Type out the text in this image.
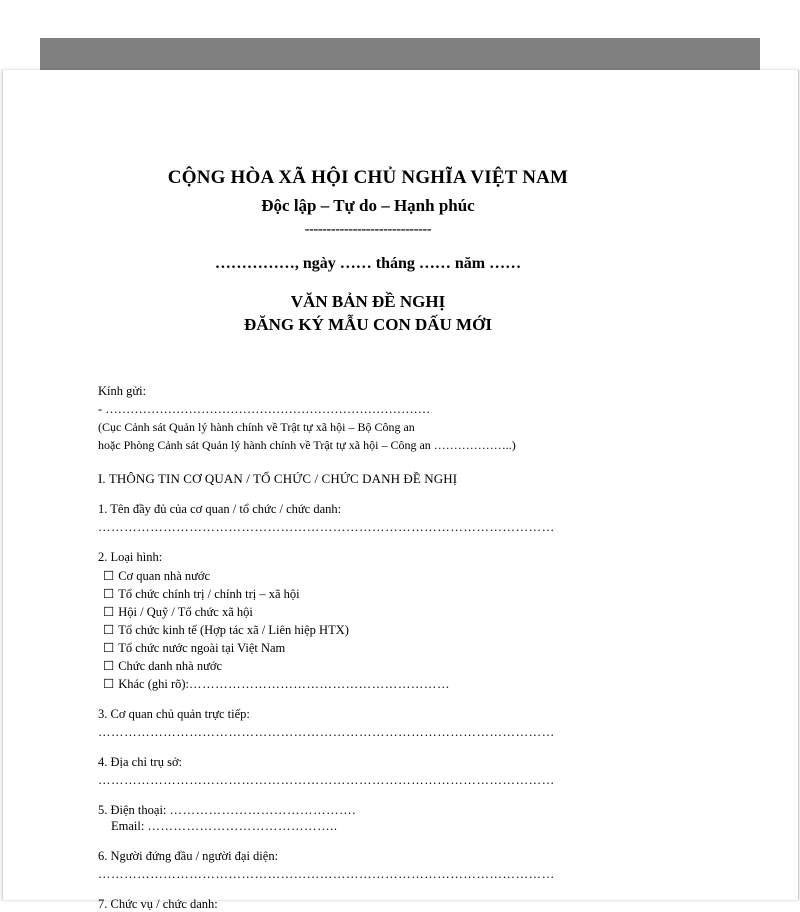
CỘNG HÒA XÃ HỘI CHỦ NGHĨA VIỆT NAM
Độc lập – Tự do – Hạnh phúc
-----------------------------
……………, ngày …… tháng …… năm ……
VĂN BẢN ĐỀ NGHỊ
ĐĂNG KÝ MẪU CON DẤU MỚI
Kính gửi:
- ……………………………………………………………………
(Cục Cảnh sát Quản lý hành chính về Trật tự xã hội – Bộ Công an
hoặc Phòng Cảnh sát Quản lý hành chính về Trật tự xã hội – Công an ………………..)
I. THÔNG TIN CƠ QUAN / TỔ CHỨC / CHỨC DANH ĐỀ NGHỊ
1. Tên đầy đủ của cơ quan / tổ chức / chức danh:
……………………………………………………………………………………………
2. Loại hình:
☐ Cơ quan nhà nước
☐ Tổ chức chính trị / chính trị – xã hội
☐ Hội / Quỹ / Tổ chức xã hội
☐ Tổ chức kinh tế (Hợp tác xã / Liên hiệp HTX)
☐ Tổ chức nước ngoài tại Việt Nam
☐ Chức danh nhà nước
☐ Khác (ghi rõ):……………………………………………………
3. Cơ quan chủ quản trực tiếp:
……………………………………………………………………………………………
4. Địa chỉ trụ sở:
……………………………………………………………………………………………
5. Điện thoại: …………………………………….
Email: ……………………………………..
6. Người đứng đầu / người đại diện:
……………………………………………………………………………………………
7. Chức vụ / chức danh:
